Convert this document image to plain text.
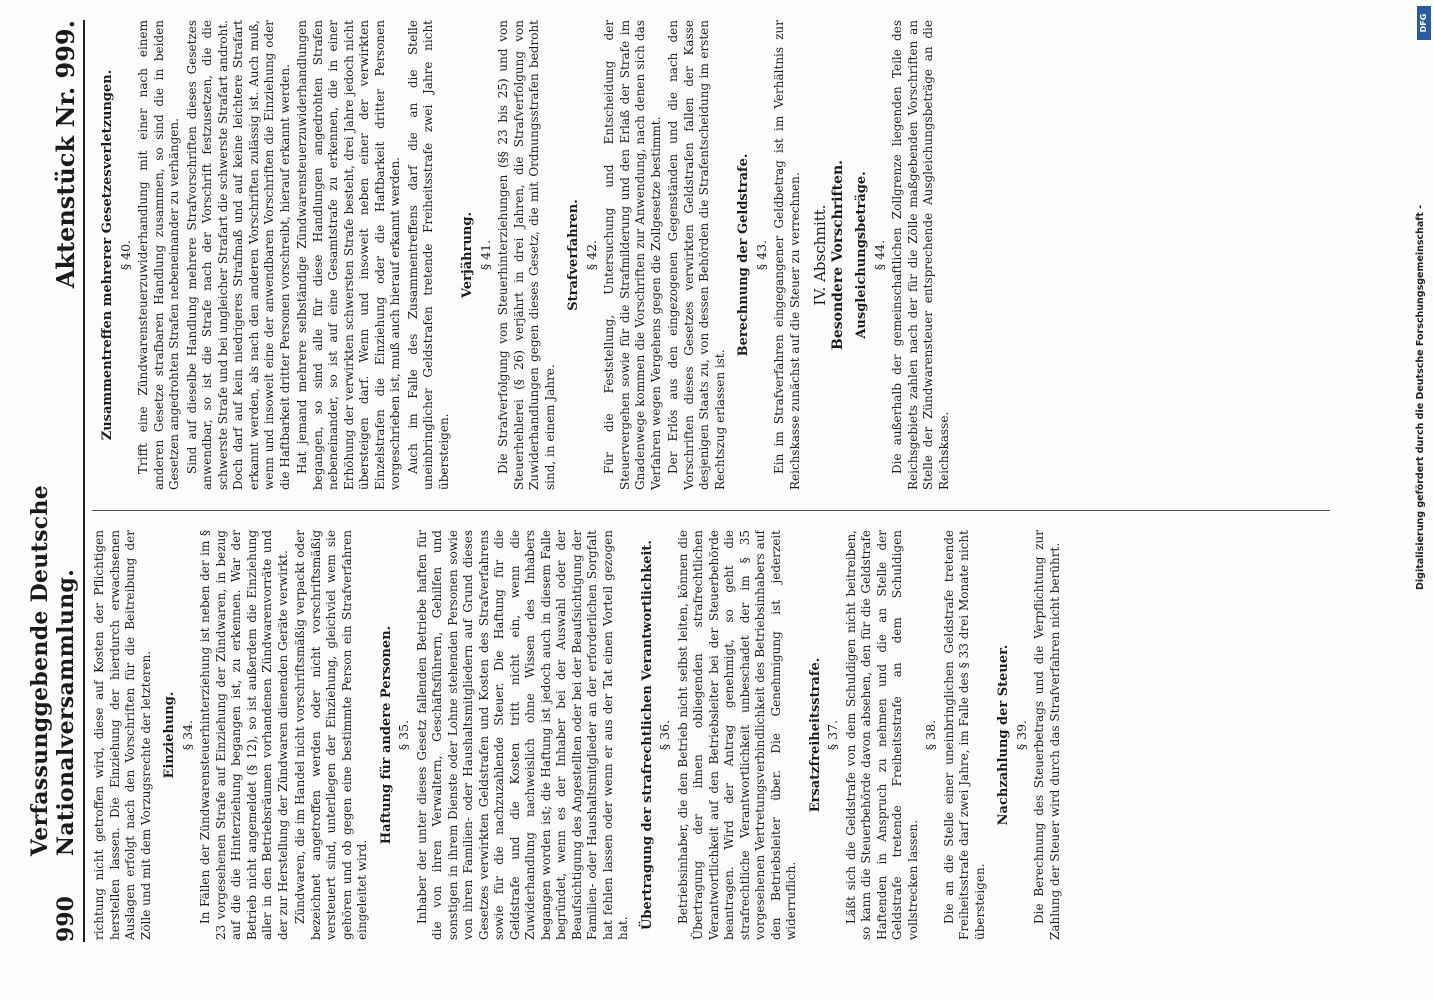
990
Verfassunggebende Deutsche Nationalversammlung.
Aktenstück Nr. 999.

richtung nicht getroffen wird, diese auf Kosten der Pflichtigen herstellen lassen. Die Einziehung der hierdurch erwachsenen Auslagen erfolgt nach den Vorschriften für die Beitreibung der Zölle und mit dem Vorzugsrechte der letzteren. Einziehung. § 34. In Fällen der Zündwarensteuerhinterziehung ist neben der im § 23 vorgesehenen Strafe auf Einziehung der Zündwaren, in bezug auf die die Hinterziehung begangen ist, zu erkennen. War der Betrieb nicht angemeldet (§ 12), so ist außerdem die Einziehung aller in den Betriebsräumen vorhandenen Zündwarenvorräte und der zur Herstellung der Zündwaren dienenden Geräte verwirkt. Zündwaren, die im Handel nicht vorschriftsmäßig verpackt oder bezeichnet angetroffen werden oder nicht vorschriftsmäßig versteuert sind, unterliegen der Einziehung, gleichviel wem sie gehören und ob gegen eine bestimmte Person ein Strafverfahren eingeleitet wird.

Haftung für andere Personen. § 35. Inhaber der unter dieses Gesetz fallenden Betriebe haften für die von ihren Verwaltern, Geschäftsführern, Gehilfen und sonstigen in ihrem Dienste oder Lohne stehenden Personen sowie von ihren Familien- oder Haushaltsmitgliedern auf Grund dieses Gesetzes verwirkten Geldstrafen und Kosten des Strafverfahrens sowie für die nachzuzahlende Steuer. Die Haftung für die Geldstrafe und die Kosten tritt nicht ein, wenn die Zuwiderhandlung nachweislich ohne Wissen des Inhabers begangen worden ist; die Haftung ist jedoch auch in diesem Falle begründet, wenn es der Inhaber bei der Auswahl oder der Beaufsichtigung des Angestellten oder bei der Beaufsichtigung der Familien- oder Haushaltsmitglieder an der erforderlichen Sorgfalt hat fehlen lassen oder wenn er aus der Tat einen Vorteil gezogen hat. Übertragung der strafrechtlichen Verantwortlichkeit. § 36. Betriebsinhaber, die den Betrieb nicht selbst leiten, können die Übertragung der ihnen obliegenden strafrechtlichen Verantwortlichkeit auf den Betriebsleiter bei der Steuerbehörde beantragen. Wird der Antrag genehmigt, so geht die strafrechtliche Verantwortlichkeit unbeschadet der im § 35 vorgesehenen Vertretungsverbindlichkeit des Betriebsinhabers auf den Betriebsleiter über. Die Genehmigung ist jederzeit widerruflich.

Ersatzfreiheitsstrafe. § 37. Läßt sich die Geldstrafe von dem Schuldigen nicht beitreiben, so kann die Steuerbehörde davon absehen, den für die Geldstrafe Haftenden in Anspruch zu nehmen und die an Stelle der Geldstrafe tretende Freiheitsstrafe an dem Schuldigen vollstrecken lassen.

§ 38. Die an die Stelle einer uneinbringlichen Geldstrafe tretende Freiheitsstrafe darf zwei Jahre, im Falle des § 33 drei Monate nicht übersteigen.

Nachzahlung der Steuer. § 39. Die Berechnung des Steuerbetrags und die Verpflichtung zur Zahlung der Steuer wird durch das Strafverfahren nicht berührt.

Zusammentreffen mehrerer Gesetzesverletzungen. § 40. Trifft eine Zündwarensteuerzuwiderhandlung mit einer nach einem anderen Gesetze strafbaren Handlung zusammen, so sind die in beiden Gesetzen angedrohten Strafen nebeneinander zu verhängen. Sind auf dieselbe Handlung mehrere Strafvorschriften dieses Gesetzes anwendbar, so ist die Strafe nach der Vorschrift festzusetzen, die die schwerste Strafe und bei ungleicher Strafart die schwerste Strafart androht. Doch darf auf kein niedrigeres Strafmaß und auf keine leichtere Strafart erkannt werden, als nach den anderen Vorschriften zulässig ist. Auch muß, wenn und insoweit eine der anwendbaren Vorschriften die Einziehung oder die Haftbarkeit dritter Personen vorschreibt, hierauf erkannt werden. Hat jemand mehrere selbständige Zündwarensteuerzuwiderhandlungen begangen, so sind alle für diese Handlungen angedrohten Strafen nebeneinander, so ist auf eine Gesamtstrafe zu erkennen, die in einer Erhöhung der verwirkten schwersten Strafe besteht, drei Jahre jedoch nicht übersteigen darf. Wenn und insoweit neben einer der verwirkten Einzelstrafen die Einziehung oder die Haftbarkeit dritter Personen vorgeschrieben ist, muß auch hierauf erkannt werden. Auch im Falle des Zusammentreffens darf die an die Stelle uneinbringlicher Geldstrafen tretende Freiheitsstrafe zwei Jahre nicht übersteigen.

Verjährung. § 41. Die Strafverfolgung von Steuerhinterziehungen (§§ 23 bis 25) und von Steuerhehlerei (§ 26) verjährt in drei Jahren, die Strafverfolgung von Zuwiderhandlungen gegen dieses Gesetz, die mit Ordnungsstrafen bedroht sind, in einem Jahre.

Strafverfahren. § 42. Für die Feststellung, Untersuchung und Entscheidung der Steuervergehen sowie für die Strafmilderung und den Erlaß der Strafe im Gnadenwege kommen die Vorschriften zur Anwendung, nach denen sich das Verfahren wegen Vergehens gegen die Zollgesetze bestimmt. Der Erlös aus den eingezogenen Gegenständen und die nach den Vorschriften dieses Gesetzes verwirkten Geldstrafen fallen der Kasse desjenigen Staats zu, von dessen Behörden die Strafentscheidung im ersten Rechtszug erlassen ist.

Berechnung der Geldstrafe. § 43. Ein im Strafverfahren eingegangener Geldbetrag ist im Verhältnis zur Reichskasse zunächst auf die Steuer zu verrechnen. IV. Abschnitt. Besondere Vorschriften. Ausgleichungsbeträge. § 44. Die außerhalb der gemeinschaftlichen Zollgrenze liegenden Teile des Reichsgebiets zahlen nach der für die Zölle maßgebenden Vorschriften an Stelle der Zündwarensteuer entsprechende Ausgleichungsbeträge an die Reichskasse.

DFG
Digitalisierung gefördert durch die Deutsche Forschungsgemeinschaft -
